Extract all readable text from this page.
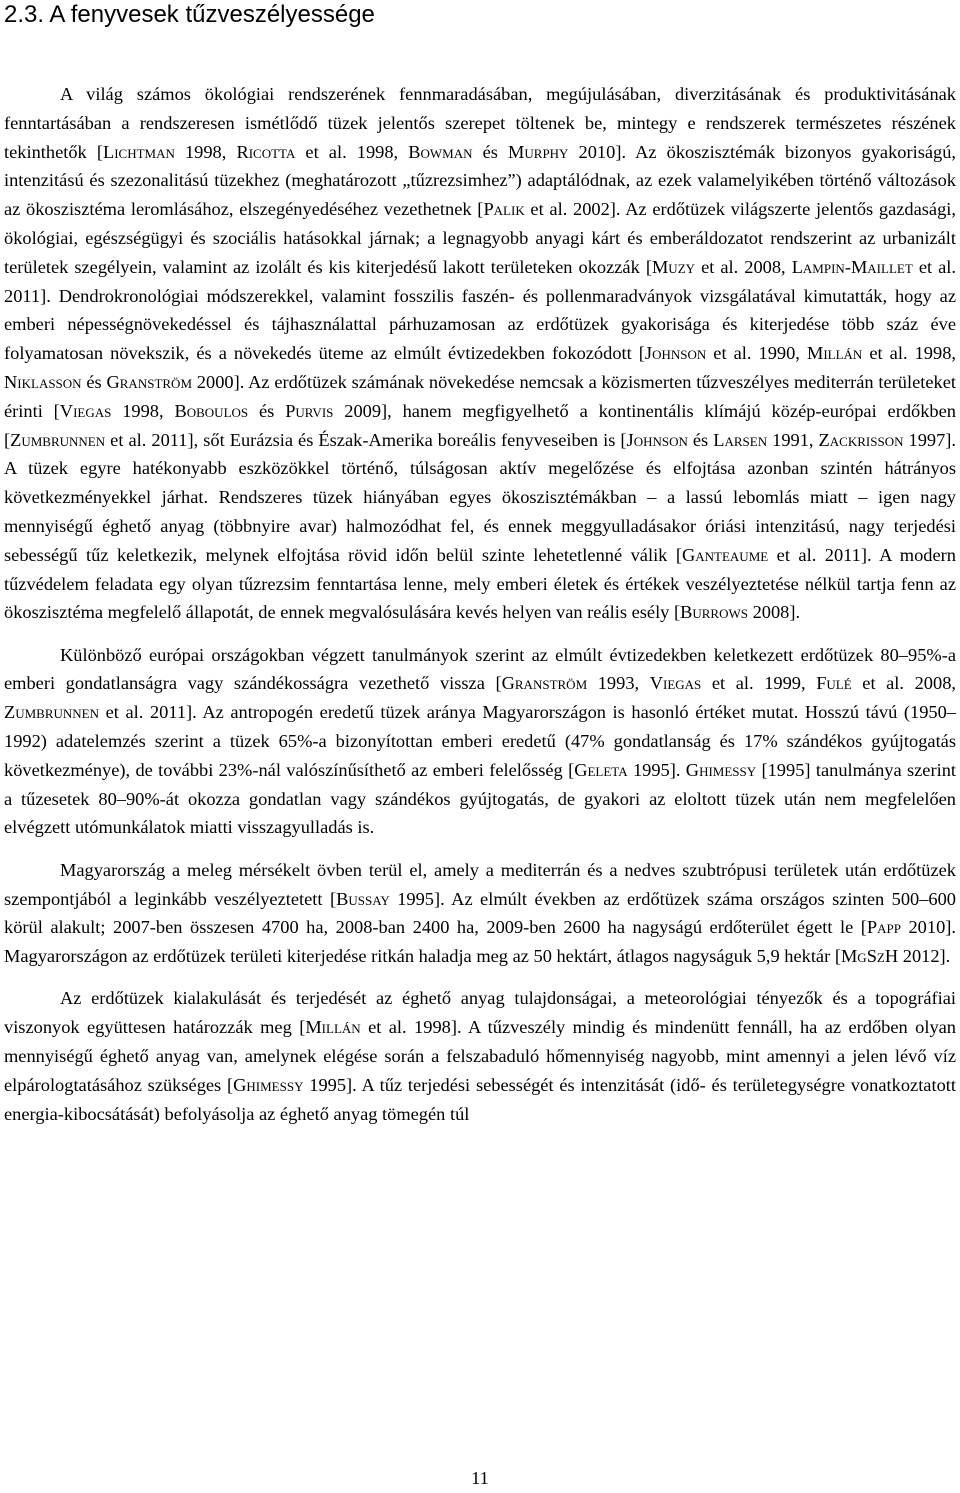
2.3. A fenyvesek tűzveszélyessége

A világ számos ökológiai rendszerének fennmaradásában, megújulásában, diverzitásának és produktivitásának fenntartásában a rendszeresen ismétlődő tüzek jelentős szerepet töltenek be, mintegy e rendszerek természetes részének tekinthetők [Lichtman 1998, Ricotta et al. 1998, Bowman és Murphy 2010]. Az ökoszisztémák bizonyos gyakoriságú, intenzitású és szezonalitású tüzekhez (meghatározott „tűzrezsimhez”) adaptálódnak, az ezek valamelyikében történő változások az ökoszisztéma leromlásához, elszegényedéséhez vezethetnek [Palik et al. 2002]. Az erdőtüzek világszerte jelentős gazdasági, ökológiai, egészségügyi és szociális hatásokkal járnak; a legnagyobb anyagi kárt és emberáldozatot rendszerint az urbanizált területek szegélyein, valamint az izolált és kis kiterjedésű lakott területeken okozzák [Muzy et al. 2008, Lampin-Maillet et al. 2011]. Dendrokronológiai módszerekkel, valamint fosszilis faszén- és pollenmaradványok vizsgálatával kimutatták, hogy az emberi népességnövekedéssel és tájhasználattal párhuzamosan az erdőtüzek gyakorisága és kiterjedése több száz éve folyamatosan növekszik, és a növekedés üteme az elmúlt évtizedekben fokozódott [Johnson et al. 1990, Millán et al. 1998, Niklasson és Granström 2000]. Az erdőtüzek számának növekedése nemcsak a közismerten tűzveszélyes mediterrán területeket érinti [Viegas 1998, Boboulos és Purvis 2009], hanem megfigyelhető a kontinentális klímájú közép-európai erdőkben [Zumbrunnen et al. 2011], sőt Eurázsia és Észak-Amerika boreális fenyveseiben is [Johnson és Larsen 1991, Zackrisson 1997]. A tüzek egyre hatékonyabb eszközökkel történő, túlságosan aktív megelőzése és elfojtása azonban szintén hátrányos következményekkel járhat. Rendszeres tüzek hiányában egyes ökoszisztémákban – a lassú lebomlás miatt – igen nagy mennyiségű éghető anyag (többnyire avar) halmozódhat fel, és ennek meggyulladásakor óriási intenzitású, nagy terjedési sebességű tűz keletkezik, melynek elfojtása rövid időn belül szinte lehetetlenné válik [Ganteaume et al. 2011]. A modern tűzvédelem feladata egy olyan tűzrezsim fenntartása lenne, mely emberi életek és értékek veszélyeztetése nélkül tartja fenn az ökoszisztéma megfelelő állapotát, de ennek megvalósulására kevés helyen van reális esély [Burrows 2008].

Különböző európai országokban végzett tanulmányok szerint az elmúlt évtizedekben keletkezett erdőtüzek 80–95%-a emberi gondatlanságra vagy szándékosságra vezethető vissza [Granström 1993, Viegas et al. 1999, Fulé et al. 2008, Zumbrunnen et al. 2011]. Az antropogén eredetű tüzek aránya Magyarországon is hasonló értéket mutat. Hosszú távú (1950–1992) adatelemzés szerint a tüzek 65%-a bizonyítottan emberi eredetű (47% gondatlanság és 17% szándékos gyújtogatás következménye), de további 23%-nál valószínűsíthető az emberi felelősség [Geleta 1995]. Ghimessy [1995] tanulmánya szerint a tűzesetek 80–90%-át okozza gondatlan vagy szándékos gyújtogatás, de gyakori az eloltott tüzek után nem megfelelően elvégzett utómunkálatok miatti visszagyulladás is.

Magyarország a meleg mérsékelt övben terül el, amely a mediterrán és a nedves szubtrópusi területek után erdőtüzek szempontjából a leginkább veszélyeztetett [Bussay 1995]. Az elmúlt években az erdőtüzek száma országos szinten 500–600 körül alakult; 2007-ben összesen 4700 ha, 2008-ban 2400 ha, 2009-ben 2600 ha nagyságú erdőterület égett le [Papp 2010]. Magyarországon az erdőtüzek területi kiterjedése ritkán haladja meg az 50 hektárt, átlagos nagyságuk 5,9 hektár [MgSzH 2012].

Az erdőtüzek kialakulását és terjedését az éghető anyag tulajdonságai, a meteorológiai tényezők és a topográfiai viszonyok együttesen határozzák meg [Millán et al. 1998]. A tűzveszély mindig és mindenütt fennáll, ha az erdőben olyan mennyiségű éghető anyag van, amelynek elégése során a felszabaduló hőmennyiség nagyobb, mint amennyi a jelen lévő víz elpárologtatásához szükséges [Ghimessy 1995]. A tűz terjedési sebességét és intenzitását (idő- és területegységre vonatkoztatott energia-kibocsátását) befolyásolja az éghető anyag tömegén túl

11
